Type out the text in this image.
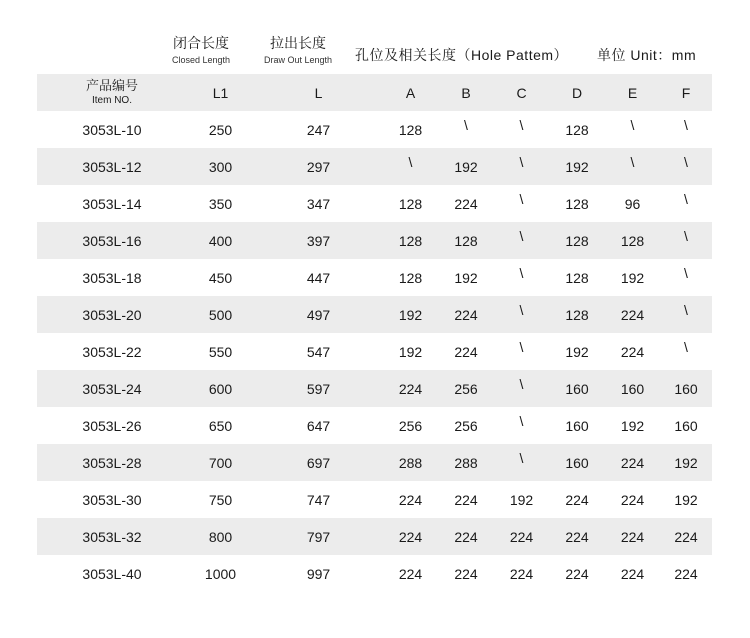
闭合长度
Closed Length
拉出长度
Draw Out Length	孔位及相关长度（Hole Pattem） 单位 Unit：mm
产品编号
Item NO.	L1	L	A	B	C	D	E	F
3053L-10	250	247	128	\	\	128	\	\
3053L-12	300	297	\	192	\	192	\	\
3053L-14	350	347	128	224	\	128	96	\
3053L-16	400	397	128	128	\	128	128	\
3053L-18	450	447	128	192	\	128	192	\
3053L-20	500	497	192	224	\	128	224	\
3053L-22	550	547	192	224	\	192	224	\
3053L-24	600	597	224	256	\	160	160	160
3053L-26	650	647	256	256	\	160	192	160
3053L-28	700	697	288	288	\	160	224	192
3053L-30	750	747	224	224	192	224	224	192
3053L-32	800	797	224	224	224	224	224	224
3053L-40	1000	997	224	224	224	224	224	224
